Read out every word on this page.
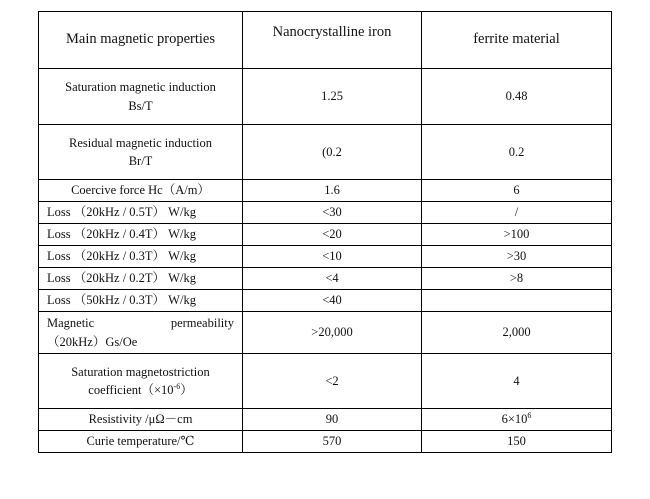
Main magnetic properties	Nanocrystalline iron	ferrite material

Saturation magnetic induction
Bs/T	1.25	0.48

Residual magnetic induction
Br/T	(0.2	0.2
Coercive force Hc（A/m）	1.6	6
Loss （20kHz / 0.5T） W/kg	<30	/
Loss （20kHz / 0.4T） W/kg	<20	>100
Loss （20kHz / 0.3T） W/kg	<10	>30
Loss （20kHz / 0.2T） W/kg	<4	>8
Loss （50kHz / 0.3T） W/kg	<40	

Magnetic permeability
（20kHz）Gs/Oe	>20,000	2,000

Saturation magnetostriction
$coefficient(\times 10^{-6})$	<2	4
Resistivity /μΩ－cm	90	$6\times 10^6$
Curie temperature/℃	570	150
